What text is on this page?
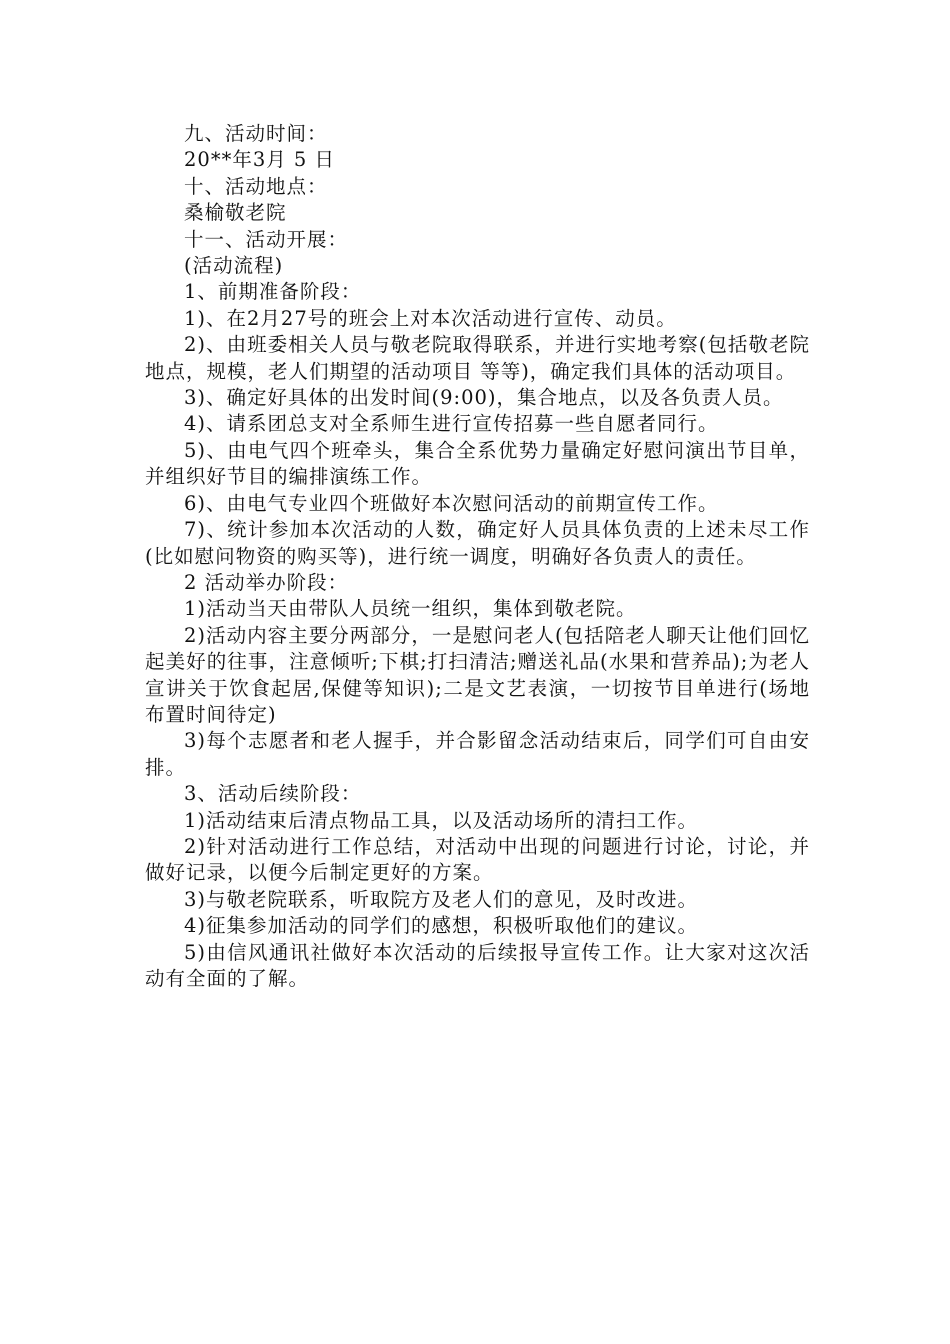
九、活动时间：

20**年3月 5 日

十、活动地点：

桑榆敬老院

十一、活动开展：

(活动流程)

1、前期准备阶段：

1)、在2月27号的班会上对本次活动进行宣传、动员。

2)、由班委相关人员与敬老院取得联系，并进行实地考察(包括敬老院地点，规模，老人们期望的活动项目 等等)，确定我们具体的活动项目。

3)、确定好具体的出发时间(9:00)，集合地点，以及各负责人员。

4)、请系团总支对全系师生进行宣传招募一些自愿者同行。

5)、由电气四个班牵头，集合全系优势力量确定好慰问演出节目单，并组织好节目的编排演练工作。

6)、由电气专业四个班做好本次慰问活动的前期宣传工作。

7)、统计参加本次活动的人数，确定好人员具体负责的上述未尽工作(比如慰问物资的购买等)，进行统一调度，明确好各负责人的责任。

2 活动举办阶段：

1)活动当天由带队人员统一组织，集体到敬老院。

2)活动内容主要分两部分，一是慰问老人(包括陪老人聊天让他们回忆起美好的往事，注意倾听;下棋;打扫清洁;赠送礼品(水果和营养品);为老人宣讲关于饮食起居,保健等知识);二是文艺表演，一切按节目单进行(场地布置时间待定)

3)每个志愿者和老人握手，并合影留念活动结束后，同学们可自由安排。

3、活动后续阶段：

1)活动结束后清点物品工具，以及活动场所的清扫工作。

2)针对活动进行工作总结，对活动中出现的问题进行讨论，讨论，并做好记录，以便今后制定更好的方案。

3)与敬老院联系，听取院方及老人们的意见，及时改进。

4)征集参加活动的同学们的感想，积极听取他们的建议。

5)由信风通讯社做好本次活动的后续报导宣传工作。让大家对这次活动有全面的了解。
